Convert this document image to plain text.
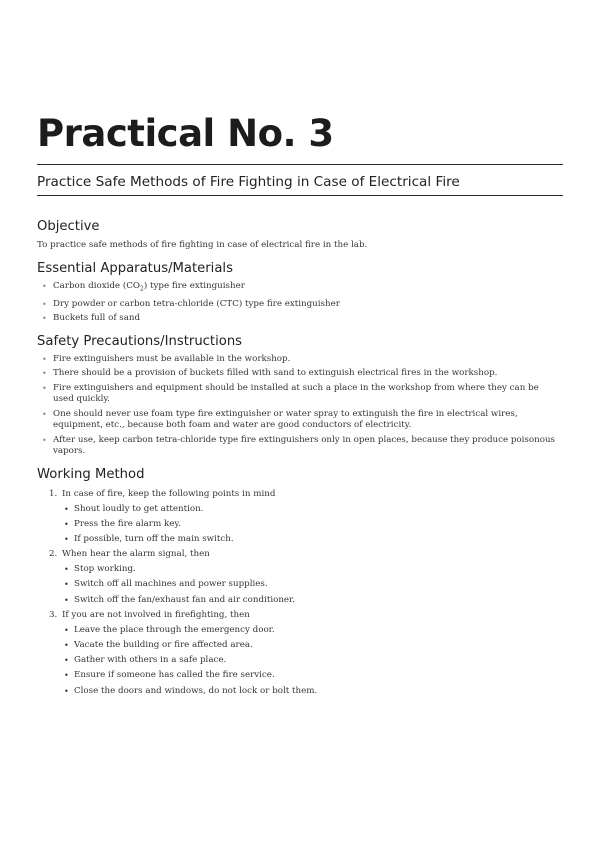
Practical No. 3
Practice Safe Methods of Fire Fighting in Case of Electrical Fire
Objective

To practice safe methods of fire fighting in case of electrical fire in the lab.

Essential Apparatus/Materials
• Carbon dioxide $(CO_2)$ type fire extinguisher
• Dry powder or carbon tetra-chloride (CTC) type fire extinguisher
• Buckets full of sand
Safety Precautions/Instructions
• Fire extinguishers must be available in the workshop.
• There should be a provision of buckets filled with sand to extinguish electrical fires in the workshop.
• Fire extinguishers and equipment should be installed at such a place in the workshop from where they can be used quickly.
• One should never use foam type fire extinguisher or water spray to extinguish the fire in electrical wires, equipment, etc., because both foam and water are good conductors of electricity.
• After use, keep carbon tetra-chloride type fire extinguishers only in open places, because they produce poisonous vapors.
Working Method
1. In case of fire, keep the following points in mind
• Shout loudly to get attention.
• Press the fire alarm key.
• If possible, turn off the main switch.
2. When hear the alarm signal, then
• Stop working.
• Switch off all machines and power supplies.
• Switch off the fan/exhaust fan and air conditioner.
3. If you are not involved in firefighting, then
• Leave the place through the emergency door.
• Vacate the building or fire affected area.
• Gather with others in a safe place.
• Ensure if someone has called the fire service.
• Close the doors and windows, do not lock or bolt them.
